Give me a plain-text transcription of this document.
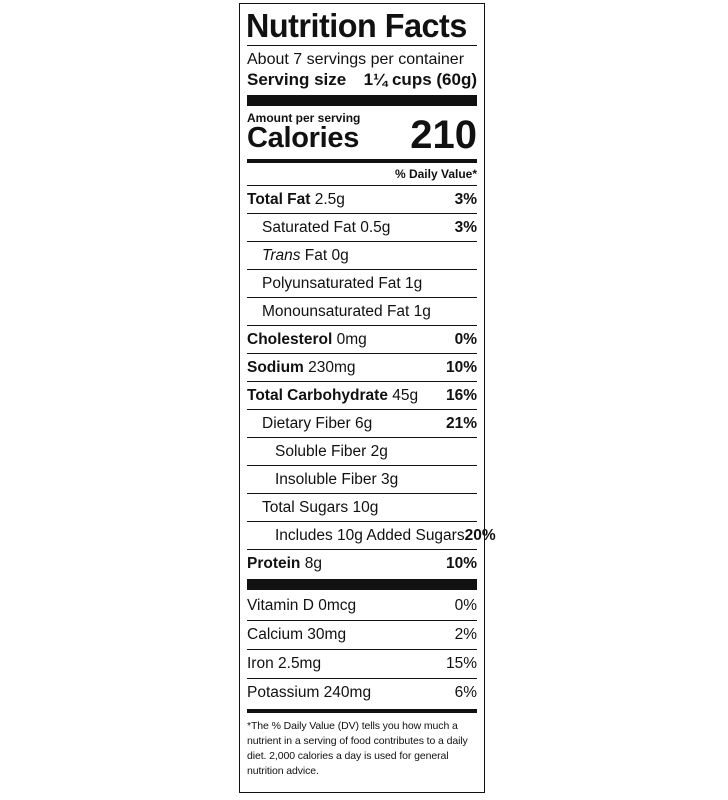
Nutrition Facts
About 7 servings per container
Serving size 1¼ cups (60g)
Amount per serving
Calories 210
% Daily Value*
Total Fat 2.5g	3%
Saturated Fat 0.5g	3%
Trans Fat 0g
Polyunsaturated Fat 1g
Monounsaturated Fat 1g
Cholesterol 0mg	0%
Sodium 230mg	10%
Total Carbohydrate 45g 16%
Dietary Fiber 6g	21%
Soluble Fiber 2g
Insoluble Fiber 3g
Total Sugars 10g
Includes 10g Added Sugars 20%
Protein 8g	10%
Vitamin D 0mcg	0%
Calcium 30mg	2%
Iron 2.5mg	15%
Potassium 240mg	6%
*The % Daily Value (DV) tells you how much a nutrient in a serving of food contributes to a daily diet. 2,000 calories a day is used for general nutrition advice.
